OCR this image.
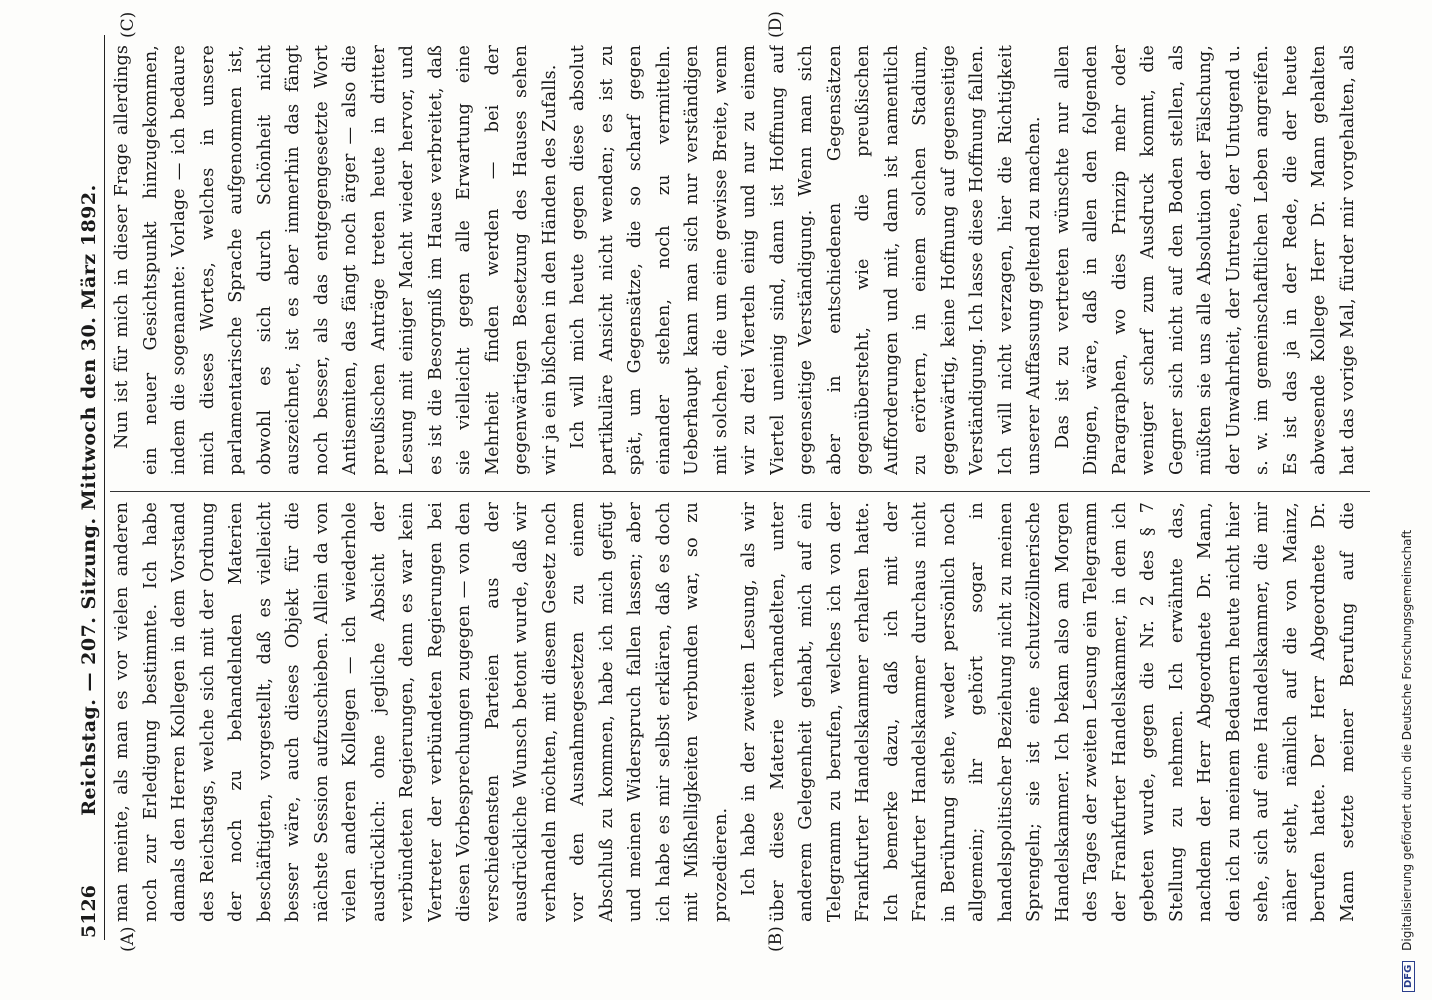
5126
Reichstag. — 207. Sitzung. Mittwoch den 30. März 1892.
(A)	(B)
(C)	(D)

man meinte, als man es vor vielen anderen noch zur Erledigung bestimmte. Ich habe damals den Herren Kollegen in dem Vorstand des Reichstags, welche sich mit der Ordnung der noch zu behandelnden Materien beschäftigten, vorgestellt, daß es vielleicht besser wäre, auch dieses Objekt für die nächste Session aufzuschieben. Allein da von vielen anderen Kollegen — ich wiederhole ausdrücklich: ohne jegliche Absicht der verbündeten Regierungen, denn es war kein Vertreter der verbündeten Regierungen bei diesen Vorbesprechungen zugegen — von den verschiedensten Parteien aus der ausdrückliche Wunsch betont wurde, daß wir verhandeln möchten, mit diesem Gesetz noch vor den Ausnahmegesetzen zu einem Abschluß zu kommen, habe ich mich gefügt und meinen Widerspruch fallen lassen; aber ich habe es mir selbst erklären, daß es doch mit Mißhelligkeiten verbunden war, so zu prozedieren. Ich habe in der zweiten Lesung, als wir über diese Materie verhandelten, unter anderem Gelegenheit gehabt, mich auf ein Telegramm zu berufen, welches ich von der Frankfurter Handelskammer erhalten hatte. Ich bemerke dazu, daß ich mit der Frankfurter Handelskammer durchaus nicht in Berührung stehe, weder persönlich noch allgemein; ihr gehört sogar in handelspolitischer Beziehung nicht zu meinen Sprengeln; sie ist eine schutzzöllnerische Handelskammer. Ich bekam also am Morgen des Tages der zweiten Lesung ein Telegramm der Frankfurter Handelskammer, in dem ich gebeten wurde, gegen die Nr. 2 des § 7 Stellung zu nehmen. Ich erwähnte das, nachdem der Herr Abgeordnete Dr. Mann, den ich zu meinem Bedauern heute nicht hier sehe, sich auf eine Handelskammer, die mir näher steht, nämlich auf die von Mainz, berufen hatte. Der Herr Abgeordnete Dr. Mann setzte meiner Berufung auf die

Nun ist für mich in dieser Frage allerdings ein neuer Gesichtspunkt hinzugekommen, indem die sogenannte: Vorlage — ich bedaure mich dieses Wortes, welches in unsere parlamentarische Sprache aufgenommen ist, obwohl es sich durch Schönheit nicht auszeichnet, ist es aber immerhin das fängt noch besser, als das entgegengesetzte Wort Antisemiten, das fängt noch ärger — also die preußischen Anträge treten heute in dritter Lesung mit einiger Macht wieder hervor, und es ist die Besorgniß im Hause verbreitet, daß sie vielleicht gegen alle Erwartung eine Mehrheit finden werden — bei der gegenwärtigen Besetzung des Hauses sehen wir ja ein bißchen in den Händen des Zufalls. Ich will mich heute gegen diese absolut partikuläre Ansicht nicht wenden; es ist zu spät, um Gegensätze, die so scharf gegen einander stehen, noch zu vermitteln. Ueberhaupt kann man sich nur verständigen mit solchen, die um eine gewisse Breite, wenn wir zu drei Vierteln einig und nur zu einem Viertel uneinig sind, dann ist Hoffnung auf gegenseitige Verständigung. Wenn man sich aber in entschiedenen Gegensätzen gegenübersteht, wie die preußischen Aufforderungen und mit, dann ist namentlich zu erörtern, in einem solchen Stadium, gegenwärtig, keine Hoffnung auf gegenseitige Verständigung. Ich lasse diese Hoffnung fallen. Ich will nicht verzagen, hier die Richtigkeit unserer Auffassung geltend zu machen. Das ist zu vertreten wünschte nur allen Dingen, wäre, daß in allen den folgenden Paragraphen, wo dies Prinzip mehr oder weniger scharf zum Ausdruck kommt, die Gegner sich nicht auf den Boden stellen, als müßten sie uns alle Absolution der Fälschung, der Unwahrheit, der Untreue, der Untugend u. s. w. im gemeinschaftlichen Leben angreifen. Es ist das ja in der Rede, die der heute abwesende Kollege Herr Dr. Mann gehalten hat das vorige Mal, fürder mir vorgehalten, als

DFG Digitalisierung gefördert durch die Deutsche Forschungsgemeinschaft
